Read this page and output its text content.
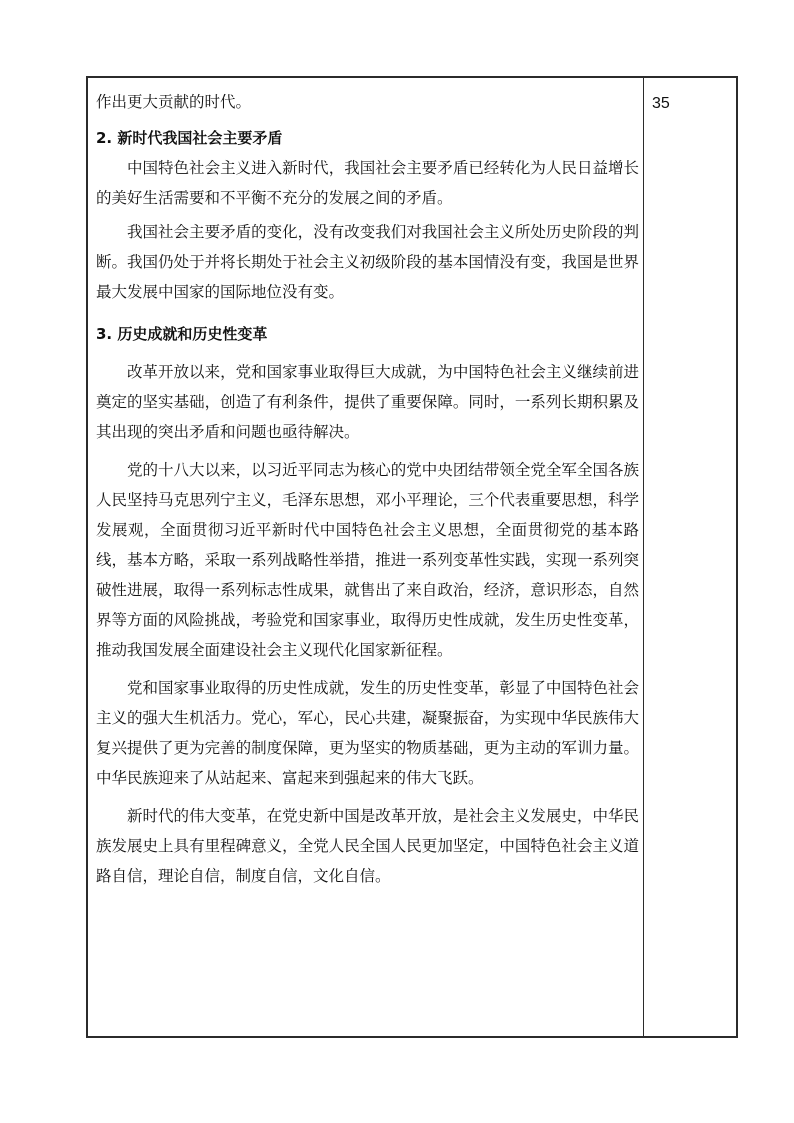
作出更大贡献的时代。

2. 新时代我国社会主要矛盾

中国特色社会主义进入新时代，我国社会主要矛盾已经转化为人民日益增长的美好生活需要和不平衡不充分的发展之间的矛盾。

我国社会主要矛盾的变化，没有改变我们对我国社会主义所处历史阶段的判断。我国仍处于并将长期处于社会主义初级阶段的基本国情没有变，我国是世界最大发展中国家的国际地位没有变。

3. 历史成就和历史性变革

改革开放以来，党和国家事业取得巨大成就，为中国特色社会主义继续前进奠定的坚实基础，创造了有利条件，提供了重要保障。同时，一系列长期积累及其出现的突出矛盾和问题也亟待解决。

党的十八大以来，以习近平同志为核心的党中央团结带领全党全军全国各族人民坚持马克思列宁主义，毛泽东思想，邓小平理论，三个代表重要思想，科学发展观，全面贯彻习近平新时代中国特色社会主义思想，全面贯彻党的基本路线，基本方略，采取一系列战略性举措，推进一系列变革性实践，实现一系列突破性进展，取得一系列标志性成果，就售出了来自政治，经济，意识形态，自然界等方面的风险挑战，考验党和国家事业，取得历史性成就，发生历史性变革，推动我国发展全面建设社会主义现代化国家新征程。

党和国家事业取得的历史性成就，发生的历史性变革，彰显了中国特色社会主义的强大生机活力。党心，军心，民心共建，凝聚振奋，为实现中华民族伟大复兴提供了更为完善的制度保障，更为坚实的物质基础，更为主动的军训力量。中华民族迎来了从站起来、富起来到强起来的伟大飞跃。

新时代的伟大变革，在党史新中国是改革开放，是社会主义发展史，中华民族发展史上具有里程碑意义，全党人民全国人民更加坚定，中国特色社会主义道路自信，理论自信，制度自信，文化自信。

35
